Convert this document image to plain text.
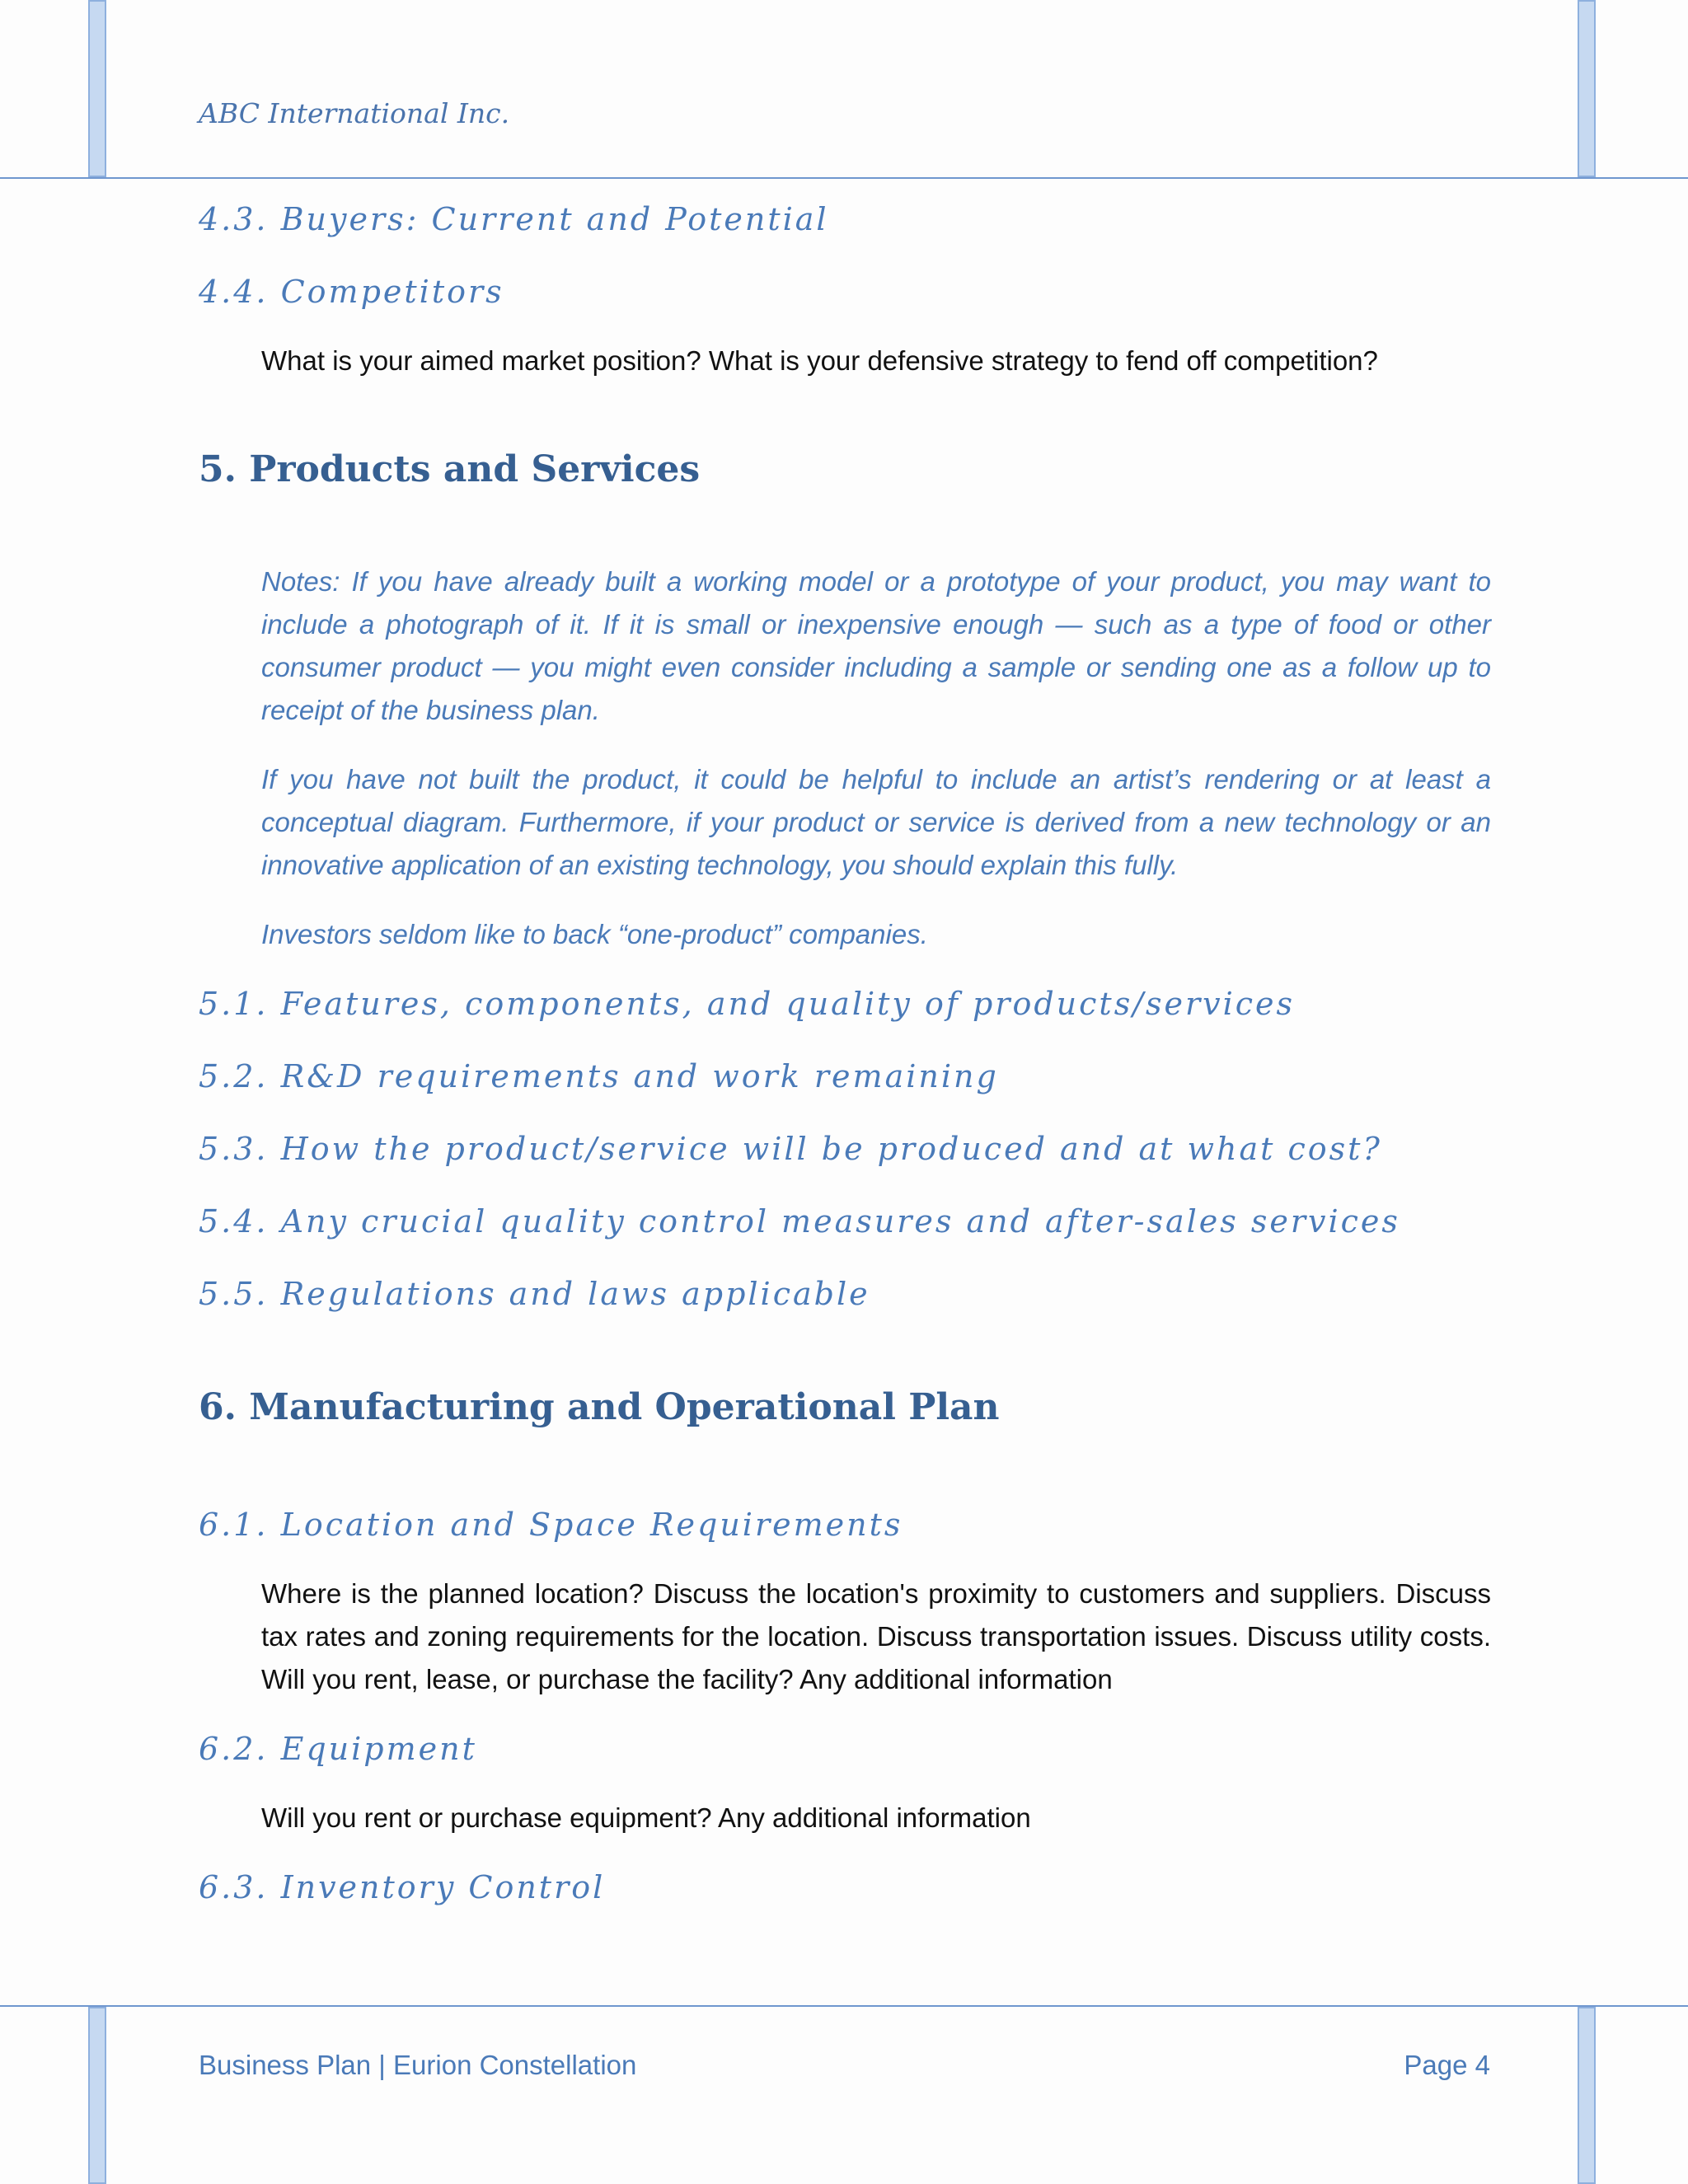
ABC International Inc.
4.3. Buyers: Current and Potential
4.4. Competitors

What is your aimed market position? What is your defensive strategy to fend off competition?

5. Products and Services

Notes: If you have already built a working model or a prototype of your product, you may want to include a photograph of it. If it is small or inexpensive enough — such as a type of food or other consumer product — you might even consider including a sample or sending one as a follow up to receipt of the business plan.

If you have not built the product, it could be helpful to include an artist’s rendering or at least a conceptual diagram. Furthermore, if your product or service is derived from a new technology or an innovative application of an existing technology, you should explain this fully.

Investors seldom like to back “one-product” companies.

5.1. Features, components, and quality of products/services
5.2. R&D requirements and work remaining
5.3. How the product/service will be produced and at what cost?
5.4. Any crucial quality control measures and after-sales services
5.5. Regulations and laws applicable
6. Manufacturing and Operational Plan
6.1. Location and Space Requirements

Where is the planned location? Discuss the location's proximity to customers and suppliers. Discuss tax rates and zoning requirements for the location. Discuss transportation issues. Discuss utility costs. Will you rent, lease, or purchase the facility? Any additional information

6.2. Equipment

Will you rent or purchase equipment? Any additional information

6.3. Inventory Control
Business Plan | Eurion Constellation	Page 4
